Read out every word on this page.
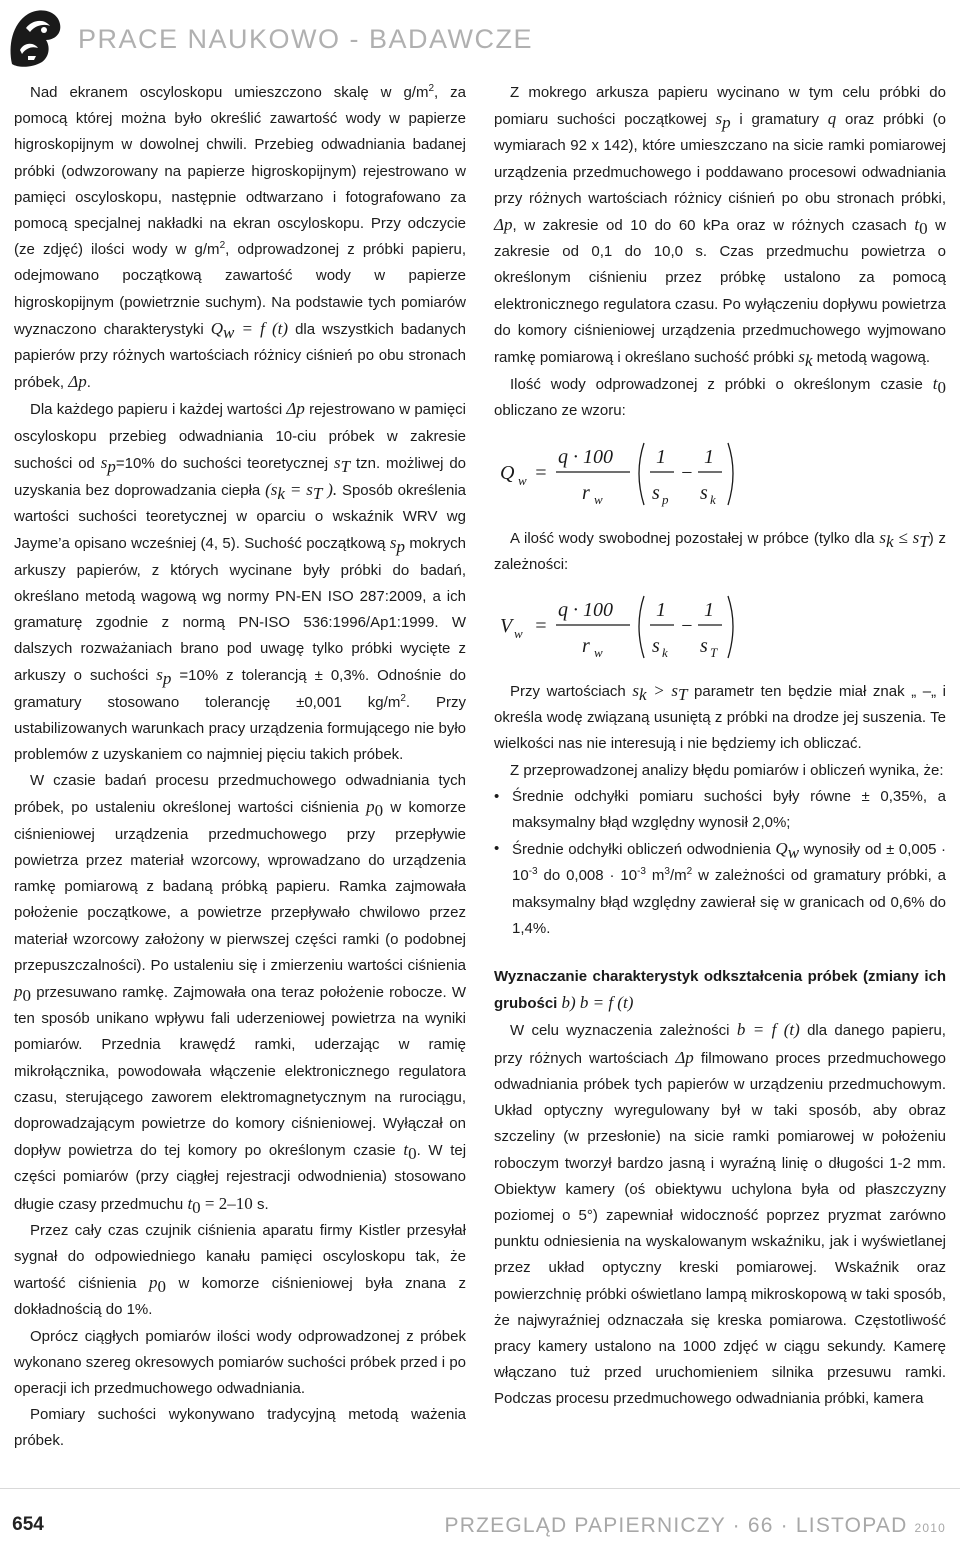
PRACE NAUKOWO - BADAWCZE

Nad ekranem oscyloskopu umieszczono skalę w $g/m^2$, za pomocą której można było określić zawartość wody w papierze higroskopijnym w dowolnej chwili. Przebieg odwadniania badanej próbki (odwzorowany na papierze higroskopijnym) rejestrowano w pamięci oscyloskopu, następnie odtwarzano i fotografowano za pomocą specjalnej nakładki na ekran oscyloskopu. Przy odczycie (ze zdjęć) ilości wody w $g/m^2$, odprowadzonej z próbki papieru, odejmowano początkową zawartość wody w papierze higroskopijnym (powietrznie suchym). Na podstawie tych pomiarów wyznaczono charakterystyki $Q_w = f$ (t) dla wszystkich badanych papierów przy różnych wartościach różnicy ciśnień po obu stronach próbek, Δp.

Dla każdego papieru i każdej wartości Δp rejestrowano w pamięci oscyloskopu przebieg odwadniania 10-ciu próbek w zakresie suchości od $s_p=10\%$ do suchości teoretycznej $s_T$ tzn. możliwej do uzyskania bez doprowadzania ciepła ($s_k = s_T$ ). Sposób określenia wartości suchości teoretycznej w oparciu o wskaźnik WRV wg Jayme’a opisano wcześniej (4, 5). Suchość początkową $s_p$ mokrych arkuszy papierów, z których wycinane były próbki do badań, określano metodą wagową wg normy PN-EN ISO 287:2009, a ich gramaturę zgodnie z normą PN-ISO 536:1996/Ap1:1999. W dalszych rozważaniach brano pod uwagę tylko próbki wycięte z arkuszy o suchości $s_p =10\%$ z tolerancją ± 0,3%. Odnośnie do gramatury stosowano tolerancję ±0,001 $kg/m^2$. Przy ustabilizowanych warunkach pracy urządzenia formującego nie było problemów z uzyskaniem co najmniej pięciu takich próbek.

W czasie badań procesu przedmuchowego odwadniania tych próbek, po ustaleniu określonej wartości ciśnienia $p_0$ w komorze ciśnieniowej urządzenia przedmuchowego przy przepływie powietrza przez materiał wzorcowy, wprowadzano do urządzenia ramkę pomiarową z badaną próbką papieru. Ramka zajmowała położenie początkowe, a powietrze przepływało chwilowo przez materiał wzorcowy założony w pierwszej części ramki (o podobnej przepuszczalności). Po ustaleniu się i zmierzeniu wartości ciśnienia $p_0$ przesuwano ramkę. Zajmowała ona teraz położenie robocze. W ten sposób unikano wpływu fali uderzeniowej powietrza na wyniki pomiarów. Przednia krawędź ramki, uderzając w ramię mikrołącznika, powodowała włączenie elektronicznego regulatora czasu, sterującego zaworem elektromagnetycznym na rurociągu, doprowadzającym powietrze do komory ciśnieniowej. Wyłączał on dopływ powietrza do tej komory po określonym czasie $t_0$. W tej części pomiarów (przy ciągłej rejestracji odwodnienia) stosowano długie czasy przedmuchu $t_0 = 2-10$ s.

Przez cały czas czujnik ciśnienia aparatu firmy Kistler przesyłał sygnał do odpowiedniego kanału pamięci oscyloskopu tak, że wartość ciśnienia $p_0$ w komorze ciśnieniowej była znana z dokładnością do 1%.

Oprócz ciągłych pomiarów ilości wody odprowadzonej z próbek wykonano szereg okresowych pomiarów suchości próbek przed i po operacji ich przedmuchowego odwadniania.

Pomiary suchości wykonywano tradycyjną metodą ważenia próbek.

Z mokrego arkusza papieru wycinano w tym celu próbki do pomiaru suchości początkowej $s_p$ i gramatury q oraz próbki (o wymiarach 92 x 142), które umieszczano na sicie ramki pomiarowej urządzenia przedmuchowego i poddawano procesowi odwadniania przy różnych wartościach różnicy ciśnień po obu stronach próbki, Δp, w zakresie od 10 do 60 kPa oraz w różnych czasach $t_0$ w zakresie od 0,1 do 10,0 s. Czas przedmuchu powietrza o określonym ciśnieniu przez próbkę ustalono za pomocą elektronicznego regulatora czasu. Po wyłączeniu dopływu powietrza do komory ciśnieniowej urządzenia przedmuchowego wyjmowano ramkę pomiarową i określano suchość próbki $s_k$ metodą wagową.

Ilość wody odprowadzonej z próbki o określonym czasie $t_0$ obliczano ze wzoru:

Q w =
q · 100
r w
1
s p
−
1
s k

A ilość wody swobodnej pozostałej w próbce (tylko dla $s_k \le s_T$) z zależności:

V w =
q · 100
r w
1
s k
−
1
s T

Przy wartościach $s_k > s_T$ parametr ten będzie miał znak „ –„ i określa wodę związaną usuniętą z próbki na drodze jej suszenia. Te wielkości nas nie interesują i nie będziemy ich obliczać.

Z przeprowadzonej analizy błędu pomiarów i obliczeń wynika, że:

• Średnie odchyłki pomiaru suchości były równe ± 0,35%, a maksymalny błąd względny wynosił 2,0%;
• Średnie odchyłki obliczeń odwodnienia $Q_w$ wynosiły od ± $0,005 \cdot 10^{-3}$ do $0,008 \cdot 10^{-3}$ $m^3/m^2$ w zależności od gramatury próbki, a maksymalny błąd względny zawierał się w granicach od 0,6% do 1,4%.

Wyznaczanie charakterystyk odkształcenia próbek (zmiany ich grubości b) b = f (t)

W celu wyznaczenia zależności b = f (t) dla danego papieru, przy różnych wartościach Δp filmowano proces przedmuchowego odwadniania próbek tych papierów w urządzeniu przedmuchowym. Układ optyczny wyregulowany był w taki sposób, aby obraz szczeliny (w przesłonie) na sicie ramki pomiarowej w położeniu roboczym tworzył bardzo jasną i wyraźną linię o długości 1-2 mm. Obiektyw kamery (oś obiektywu uchylona była od płaszczyzny poziomej o 5°) zapewniał widoczność poprzez pryzmat zarówno punktu odniesienia na wyskalowanym wskaźniku, jak i wyświetlanej przez układ optyczny kreski pomiarowej. Wskaźnik oraz powierzchnię próbki oświetlano lampą mikroskopową w taki sposób, że najwyraźniej odznaczała się kreska pomiarowa. Częstotliwość pracy kamery ustalono na 1000 zdjęć w ciągu sekundy. Kamerę włączano tuż przed uruchomieniem silnika przesuwu ramki. Podczas procesu przedmuchowego odwadniania próbki, kamera

654	PRZEGLĄD PAPIERNICZY · 66 · LISTOPAD 2010
